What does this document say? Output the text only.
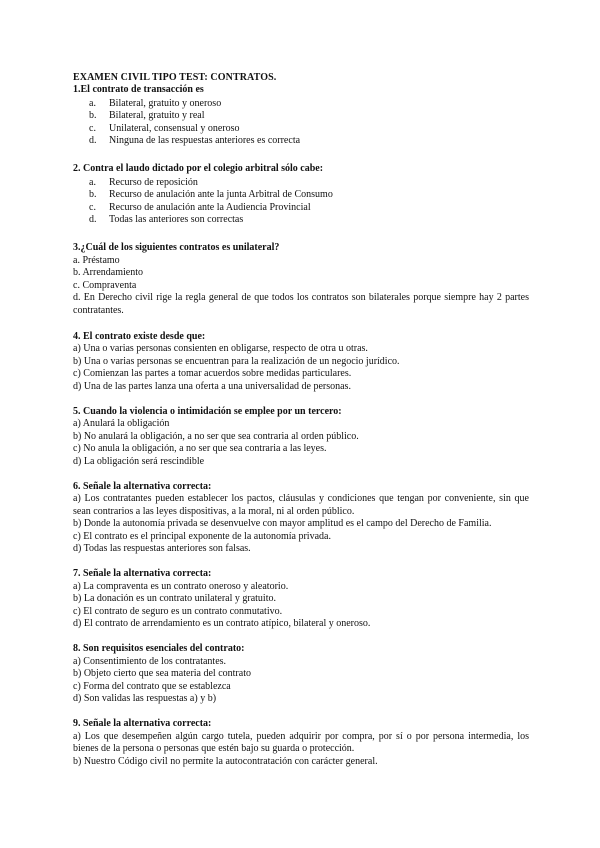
EXAMEN CIVIL TIPO TEST: CONTRATOS.
1.El contrato de transacción es
a.	Bilateral, gratuito y oneroso
b.	Bilateral, gratuito y real
c.	Unilateral, consensual y oneroso
d.	Ninguna de las respuestas anteriores es correcta
2. Contra el laudo dictado por el colegio arbitral sólo cabe:
a.	Recurso de reposición
b.	Recurso de anulación ante la junta Arbitral de Consumo
c.	Recurso de anulación ante la Audiencia Provincial
d.	Todas las anteriores son correctas
3.¿Cuál de los siguientes contratos es unilateral?
a. Préstamo
b. Arrendamiento
c. Compraventa
d. En Derecho civil rige la regla general de que todos los contratos son bilaterales porque siempre hay 2 partes contratantes.
4. El contrato existe desde que:
a) Una o varias personas consienten en obligarse, respecto de otra u otras.
b) Una o varias personas se encuentran para la realización de un negocio jurídico.
c) Comienzan las partes a tomar acuerdos sobre medidas particulares.
d) Una de las partes lanza una oferta a una universalidad de personas.
5. Cuando la violencia o intimidación se emplee por un tercero:
a) Anulará la obligación
b) No anulará la obligación, a no ser que sea contraria al orden público.
c) No anula la obligación, a no ser que sea contraria a las leyes.
d) La obligación será rescindible
6. Señale la alternativa correcta:
a) Los contratantes pueden establecer los pactos, cláusulas y condiciones que tengan por conveniente, sin que sean contrarios a las leyes dispositivas, a la moral, ni al orden público.
b) Donde la autonomía privada se desenvuelve con mayor amplitud es el campo del Derecho de Familia.
c) El contrato es el principal exponente de la autonomía privada.
d) Todas las respuestas anteriores son falsas.
7. Señale la alternativa correcta:
a) La compraventa es un contrato oneroso y aleatorio.
b) La donación es un contrato unilateral y gratuito.
c) El contrato de seguro es un contrato conmutativo.
d) El contrato de arrendamiento es un contrato atípico, bilateral y oneroso.
8. Son requisitos esenciales del contrato:
a) Consentimiento de los contratantes.
b) Objeto cierto que sea materia del contrato
c) Forma del contrato que se establezca
d) Son validas las respuestas a) y b)
9. Señale la alternativa correcta:
a) Los que desempeñen algún cargo tutela, pueden adquirir por compra, por sí o por persona intermedia, los bienes de la persona o personas que estén bajo su guarda o protección.
b) Nuestro Código civil no permite la autocontratación con carácter general.
